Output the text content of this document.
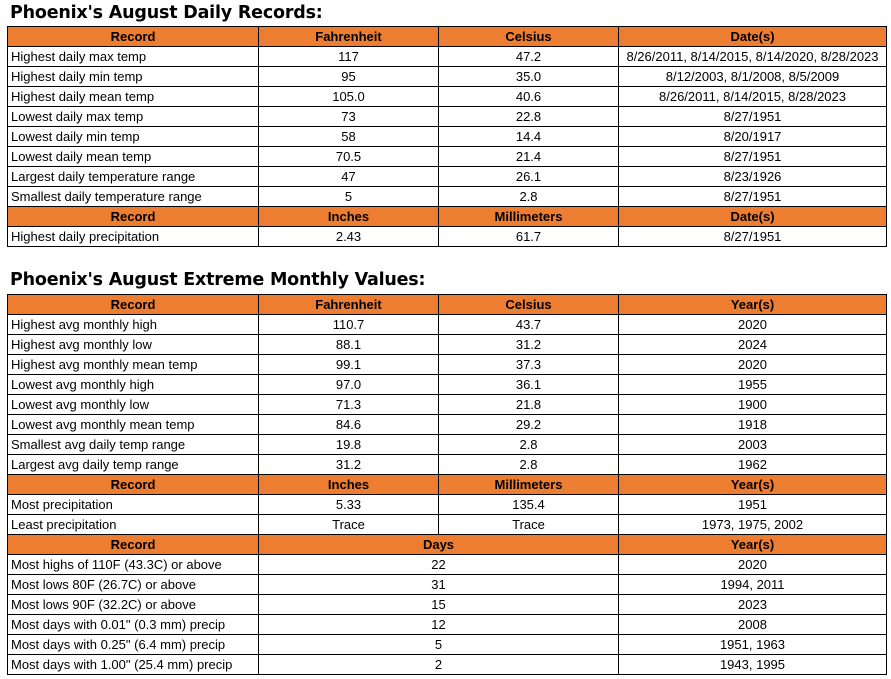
Phoenix's August Daily Records:
Record	Fahrenheit	Celsius	Date(s)
Highest daily max temp	117	47.2	8/26/2011, 8/14/2015, 8/14/2020, 8/28/2023
Highest daily min temp	95	35.0	8/12/2003, 8/1/2008, 8/5/2009
Highest daily mean temp	105.0	40.6	8/26/2011, 8/14/2015, 8/28/2023
Lowest daily max temp	73	22.8	8/27/1951
Lowest daily min temp	58	14.4	8/20/1917
Lowest daily mean temp	70.5	21.4	8/27/1951
Largest daily temperature range	47	26.1	8/23/1926
Smallest daily temperature range	5	2.8	8/27/1951
Record	Inches	Millimeters	Date(s)
Highest daily precipitation	2.43	61.7	8/27/1951
Phoenix's August Extreme Monthly Values:
Record	Fahrenheit	Celsius	Year(s)
Highest avg monthly high	110.7	43.7	2020
Highest avg monthly low	88.1	31.2	2024
Highest avg monthly mean temp	99.1	37.3	2020
Lowest avg monthly high	97.0	36.1	1955
Lowest avg monthly low	71.3	21.8	1900
Lowest avg monthly mean temp	84.6	29.2	1918
Smallest avg daily temp range	19.8	2.8	2003
Largest avg daily temp range	31.2	2.8	1962
Record	Inches	Millimeters	Year(s)
Most precipitation	5.33	135.4	1951
Least precipitation	Trace	Trace	1973, 1975, 2002
Record	Days		Year(s)
Most highs of 110F (43.3C) or above	22		2020
Most lows 80F (26.7C) or above	31		1994, 2011
Most lows 90F (32.2C) or above	15		2023
Most days with 0.01" (0.3 mm) precip	12		2008
Most days with 0.25" (6.4 mm) precip	5		1951, 1963
Most days with 1.00" (25.4 mm) precip	2		1943, 1995
